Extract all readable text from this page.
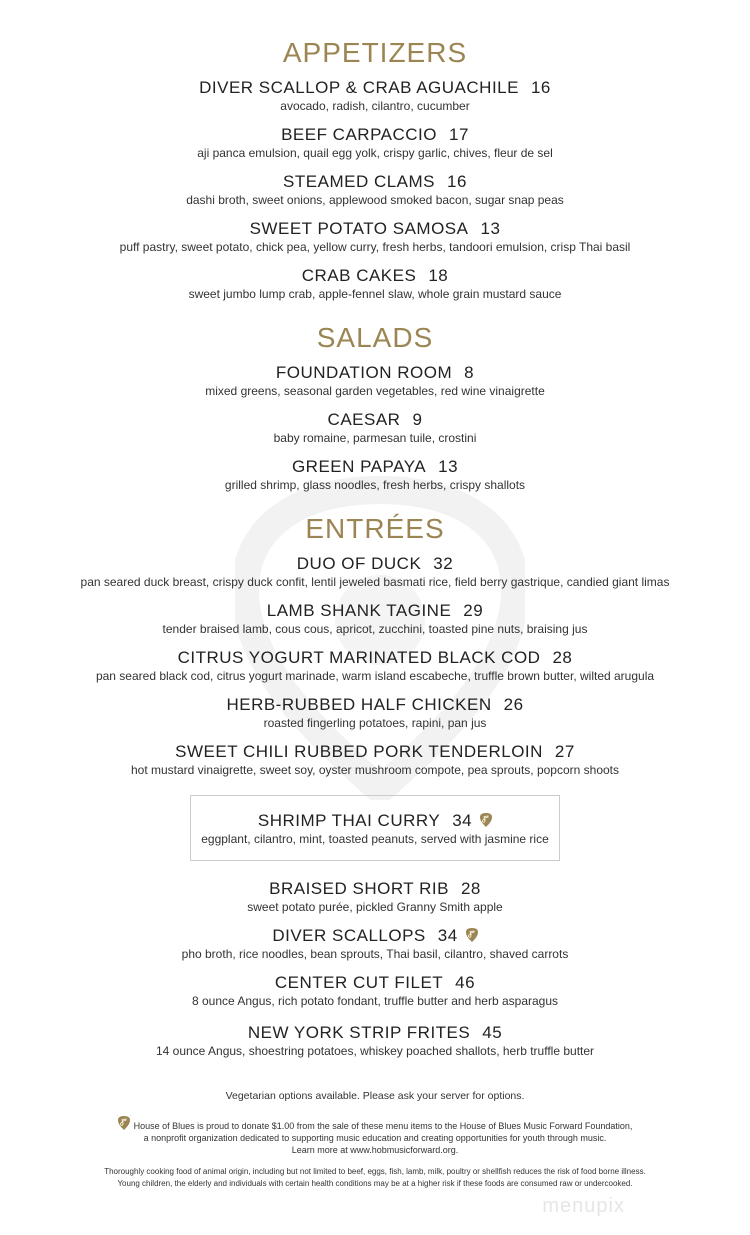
APPETIZERS
DIVER SCALLOP & CRAB AGUACHILE 16
avocado, radish, cilantro, cucumber
BEEF CARPACCIO 17
aji panca emulsion, quail egg yolk, crispy garlic, chives, fleur de sel
STEAMED CLAMS 16
dashi broth, sweet onions, applewood smoked bacon, sugar snap peas
SWEET POTATO SAMOSA 13
puff pastry, sweet potato, chick pea, yellow curry, fresh herbs, tandoori emulsion, crisp Thai basil
CRAB CAKES 18
sweet jumbo lump crab, apple-fennel slaw, whole grain mustard sauce
SALADS
FOUNDATION ROOM 8
mixed greens, seasonal garden vegetables, red wine vinaigrette
CAESAR 9
baby romaine, parmesan tuile, crostini
GREEN PAPAYA 13
grilled shrimp, glass noodles, fresh herbs, crispy shallots
ENTRÉES
DUO OF DUCK 32
pan seared duck breast, crispy duck confit, lentil jeweled basmati rice, field berry gastrique, candied giant limas
LAMB SHANK TAGINE 29
tender braised lamb, cous cous, apricot, zucchini, toasted pine nuts, braising jus
CITRUS YOGURT MARINATED BLACK COD 28
pan seared black cod, citrus yogurt marinade, warm island escabeche, truffle brown butter, wilted arugula
HERB-RUBBED HALF CHICKEN 26
roasted fingerling potatoes, rapini, pan jus
SWEET CHILI RUBBED PORK TENDERLOIN 27
hot mustard vinaigrette, sweet soy, oyster mushroom compote, pea sprouts, popcorn shoots
SHRIMP THAI CURRY 34
eggplant, cilantro, mint, toasted peanuts, served with jasmine rice
BRAISED SHORT RIB 28
sweet potato purée, pickled Granny Smith apple
DIVER SCALLOPS 34
pho broth, rice noodles, bean sprouts, Thai basil, cilantro, shaved carrots
CENTER CUT FILET 46
8 ounce Angus, rich potato fondant, truffle butter and herb asparagus
NEW YORK STRIP FRITES 45
14 ounce Angus, shoestring potatoes, whiskey poached shallots, herb truffle butter
Vegetarian options available. Please ask your server for options.
House of Blues is proud to donate $1.00 from the sale of these menu items to the House of Blues Music Forward Foundation,
a nonprofit organization dedicated to supporting music education and creating opportunities for youth through music.
Learn more at www.hobmusicforward.org.
Thoroughly cooking food of animal origin, including but not limited to beef, eggs, fish, lamb, milk, poultry or shellfish reduces the risk of food borne illness.
Young children, the elderly and individuals with certain health conditions may be at a higher risk if these foods are consumed raw or undercooked.
menupix
